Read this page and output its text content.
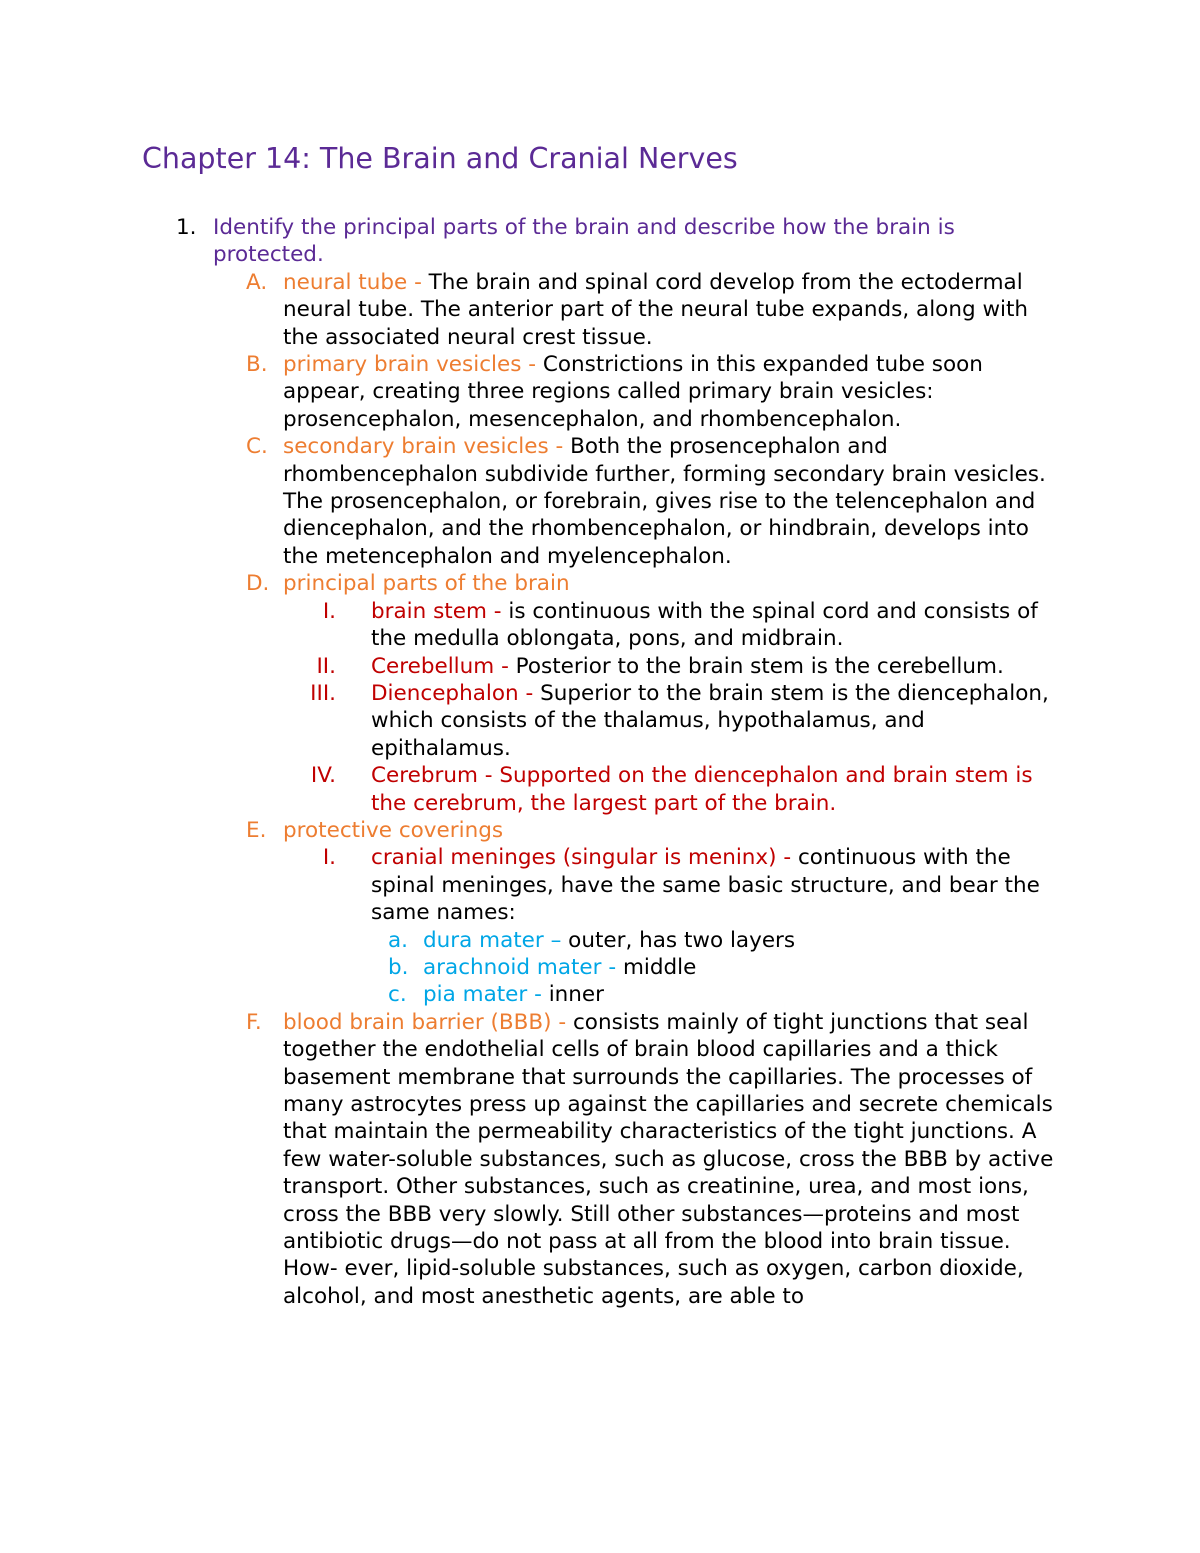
Chapter 14: The Brain and Cranial Nerves
1. Identify the principal parts of the brain and describe how the brain is protected.
A. neural tube - The brain and spinal cord develop from the ectodermal neural tube. The anterior part of the neural tube expands, along with the associated neural crest tissue.
B. primary brain vesicles - Constrictions in this expanded tube soon appear, creating three regions called primary brain vesicles: prosencephalon, mesencephalon, and rhombencephalon.
C. secondary brain vesicles - Both the prosencephalon and rhombencephalon subdivide further, forming secondary brain vesicles. The prosencephalon, or forebrain, gives rise to the telencephalon and diencephalon, and the rhombencephalon, or hindbrain, develops into the metencephalon and myelencephalon.
D. principal parts of the brain
I. brain stem - is continuous with the spinal cord and consists of the medulla oblongata, pons, and midbrain.
II. Cerebellum - Posterior to the brain stem is the cerebellum.
III. Diencephalon - Superior to the brain stem is the diencephalon, which consists of the thalamus, hypothalamus, and epithalamus.
IV. Cerebrum - Supported on the diencephalon and brain stem is the cerebrum, the largest part of the brain.
E. protective coverings
I. cranial meninges (singular is meninx) - continuous with the spinal meninges, have the same basic structure, and bear the same names:
a. dura mater – outer, has two layers
b. arachnoid mater - middle
c. pia mater - inner
F. blood brain barrier (BBB) - consists mainly of tight junctions that seal together the endothelial cells of brain blood capillaries and a thick basement membrane that surrounds the capillaries. The processes of many astrocytes press up against the capillaries and secrete chemicals that maintain the permeability characteristics of the tight junctions. A few water-soluble substances, such as glucose, cross the BBB by active transport. Other substances, such as creatinine, urea, and most ions, cross the BBB very slowly. Still other substances—proteins and most antibiotic drugs—do not pass at all from the blood into brain tissue. How- ever, lipid-soluble substances, such as oxygen, carbon dioxide, alcohol, and most anesthetic agents, are able to
